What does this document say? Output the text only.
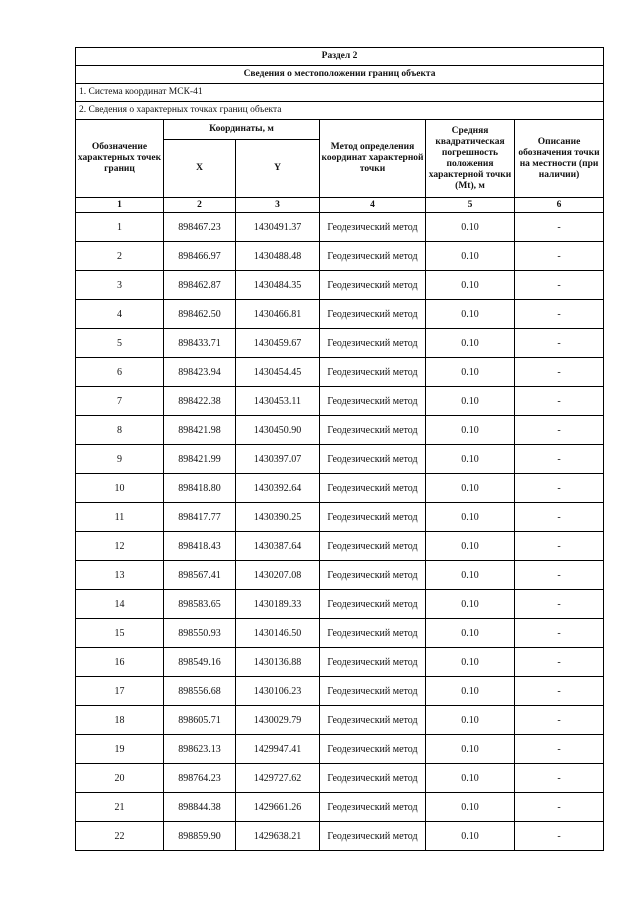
Раздел 2					
Сведения о местоположении границ объекта					
1. Система координат МСК-41					
2. Сведения о характерных точках границ объекта					
Обозначение характерных точек границ	Координаты, м		Метод определения координат характерной точки	Средняя квадратическая погрешность положения характерной точки (Mt), м	Описание обозначения точки на местности (при наличии)
	X	Y			
1	2	3	4	5	6
1	898467.23	1430491.37	Геодезический метод	0.10	-
2	898466.97	1430488.48	Геодезический метод	0.10	-
3	898462.87	1430484.35	Геодезический метод	0.10	-
4	898462.50	1430466.81	Геодезический метод	0.10	-
5	898433.71	1430459.67	Геодезический метод	0.10	-
6	898423.94	1430454.45	Геодезический метод	0.10	-
7	898422.38	1430453.11	Геодезический метод	0.10	-
8	898421.98	1430450.90	Геодезический метод	0.10	-
9	898421.99	1430397.07	Геодезический метод	0.10	-
10	898418.80	1430392.64	Геодезический метод	0.10	-
11	898417.77	1430390.25	Геодезический метод	0.10	-
12	898418.43	1430387.64	Геодезический метод	0.10	-
13	898567.41	1430207.08	Геодезический метод	0.10	-
14	898583.65	1430189.33	Геодезический метод	0.10	-
15	898550.93	1430146.50	Геодезический метод	0.10	-
16	898549.16	1430136.88	Геодезический метод	0.10	-
17	898556.68	1430106.23	Геодезический метод	0.10	-
18	898605.71	1430029.79	Геодезический метод	0.10	-
19	898623.13	1429947.41	Геодезический метод	0.10	-
20	898764.23	1429727.62	Геодезический метод	0.10	-
21	898844.38	1429661.26	Геодезический метод	0.10	-
22	898859.90	1429638.21	Геодезический метод	0.10	-
